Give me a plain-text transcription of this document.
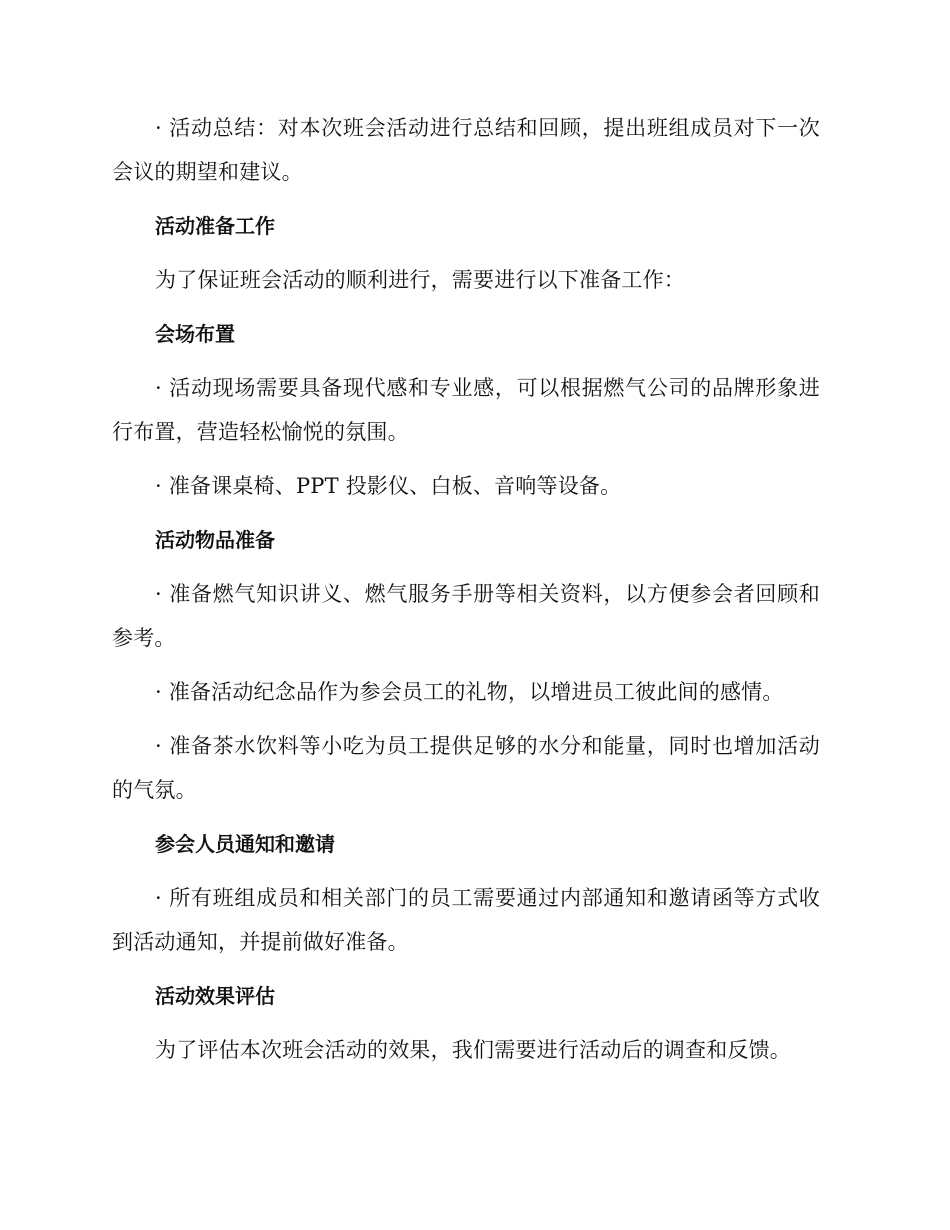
· 活动总结：对本次班会活动进行总结和回顾，提出班组成员对下一次会议的期望和建议。

活动准备工作

为了保证班会活动的顺利进行，需要进行以下准备工作：

会场布置

· 活动现场需要具备现代感和专业感，可以根据燃气公司的品牌形象进行布置，营造轻松愉悦的氛围。

· 准备课桌椅、PPT 投影仪、白板、音响等设备。

活动物品准备

· 准备燃气知识讲义、燃气服务手册等相关资料，以方便参会者回顾和参考。

· 准备活动纪念品作为参会员工的礼物，以增进员工彼此间的感情。

· 准备茶水饮料等小吃为员工提供足够的水分和能量，同时也增加活动的气氛。

参会人员通知和邀请

· 所有班组成员和相关部门的员工需要通过内部通知和邀请函等方式收到活动通知，并提前做好准备。

活动效果评估

为了评估本次班会活动的效果，我们需要进行活动后的调查和反馈。
